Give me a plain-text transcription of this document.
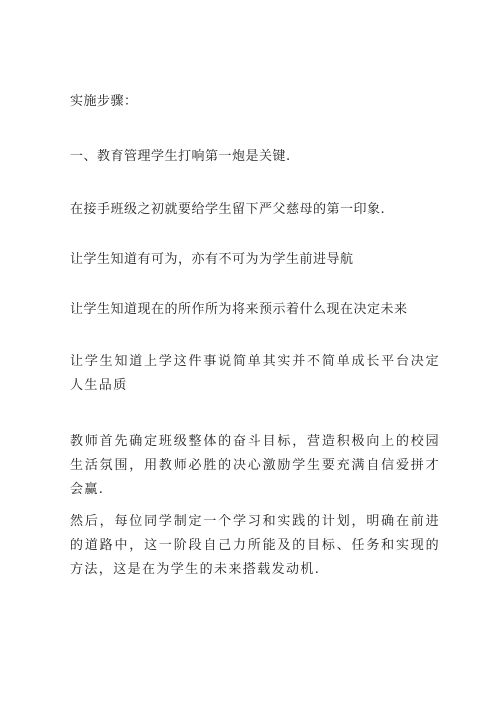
实施步骤：
一、教育管理学生打响第一炮是关键.
在接手班级之初就要给学生留下严父慈母的第一印象.
让学生知道有可为，亦有不可为为学生前进导航
让学生知道现在的所作所为将来预示着什么现在决定未来
让学生知道上学这件事说简单其实并不简单成长平台决定人生品质
教师首先确定班级整体的奋斗目标，营造积极向上的校园生活氛围，用教师必胜的决心激励学生要充满自信爱拼才会赢.
然后，每位同学制定一个学习和实践的计划，明确在前进的道路中，这一阶段自己力所能及的目标、任务和实现的方法，这是在为学生的未来搭载发动机.
